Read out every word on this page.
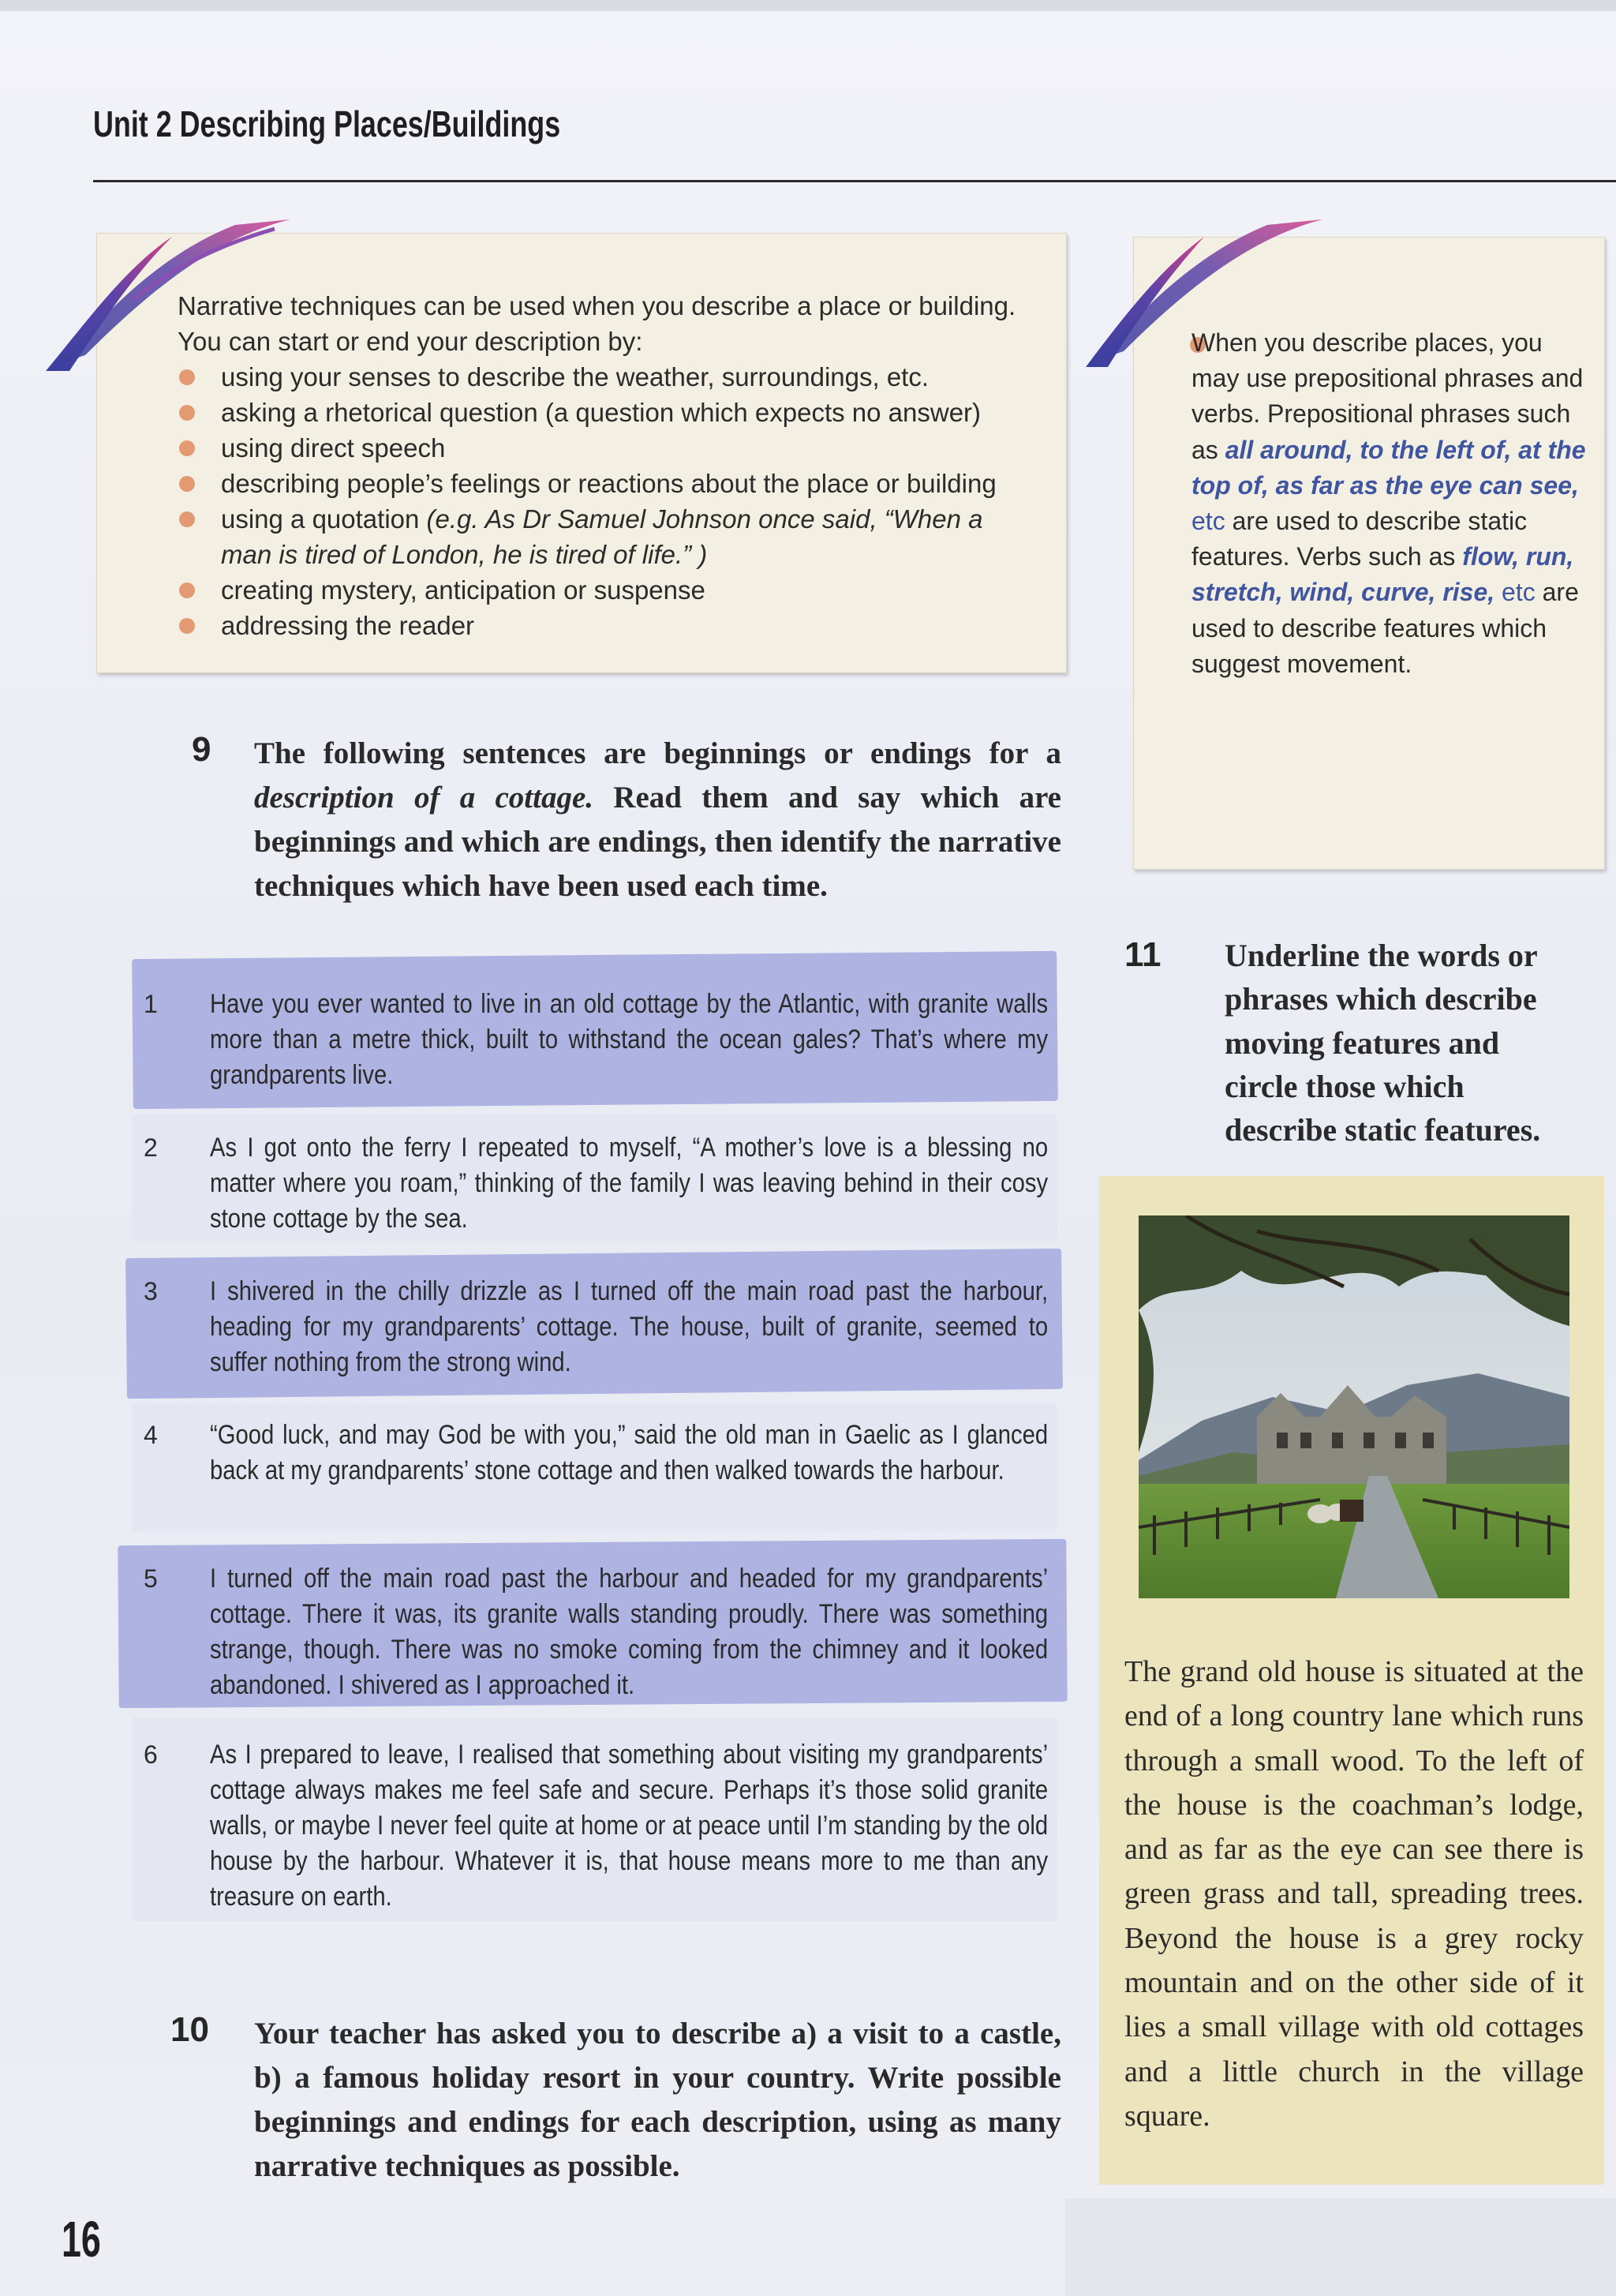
Unit 2 Describing Places/Buildings
Narrative techniques can be used when you describe a place or building. You can start or end your description by:
using your senses to describe the weather, surroundings, etc.
asking a rhetorical question (a question which expects no answer)
using direct speech
describing people’s feelings or reactions about the place or building
using a quotation (e.g. As Dr Samuel Johnson once said, “When a man is tired of London, he is tired of life.” )
creating mystery, anticipation or suspense
addressing the reader
When you describe places, you may use prepositional phrases and verbs. Prepositional phrases such as all around, to the left of, at the top of, as far as the eye can see, etc are used to describe static features. Verbs such as flow, run, stretch, wind, curve, rise, etc are used to describe features which suggest movement.
9 The following sentences are beginnings or endings for a description of a cottage. Read them and say which are beginnings and which are endings, then identify the narrative techniques which have been used each time.
1 Have you ever wanted to live in an old cottage by the Atlantic, with granite walls more than a metre thick, built to withstand the ocean gales? That’s where my grandparents live.
2 As I got onto the ferry I repeated to myself, “A mother’s love is a blessing no matter where you roam,” thinking of the family I was leaving behind in their cosy stone cottage by the sea.
3 I shivered in the chilly drizzle as I turned off the main road past the harbour, heading for my grandparents’ cottage. The house, built of granite, seemed to suffer nothing from the strong wind.
4 “Good luck, and may God be with you,” said the old man in Gaelic as I glanced back at my grandparents’ stone cottage and then walked towards the harbour.
5 I turned off the main road past the harbour and headed for my grandparents’ cottage. There it was, its granite walls standing proudly. There was something strange, though. There was no smoke coming from the chimney and it looked abandoned. I shivered as I approached it.
6 As I prepared to leave, I realised that something about visiting my grandparents’ cottage always makes me feel safe and secure. Perhaps it’s those solid granite walls, or maybe I never feel quite at home or at peace until I’m standing by the old house by the harbour. Whatever it is, that house means more to me than any treasure on earth.
10 Your teacher has asked you to describe a) a visit to a castle, b) a famous holiday resort in your country. Write possible beginnings and endings for each description, using as many narrative techniques as possible.
11 Underline the words or phrases which describe moving features and circle those which describe static features.
The grand old house is situated at the end of a long country lane which runs through a small wood. To the left of the house is the coachman’s lodge, and as far as the eye can see there is green grass and tall, spreading trees. Beyond the house is a grey rocky mountain and on the other side of it lies a small village with old cottages and a little church in the village square.
16
